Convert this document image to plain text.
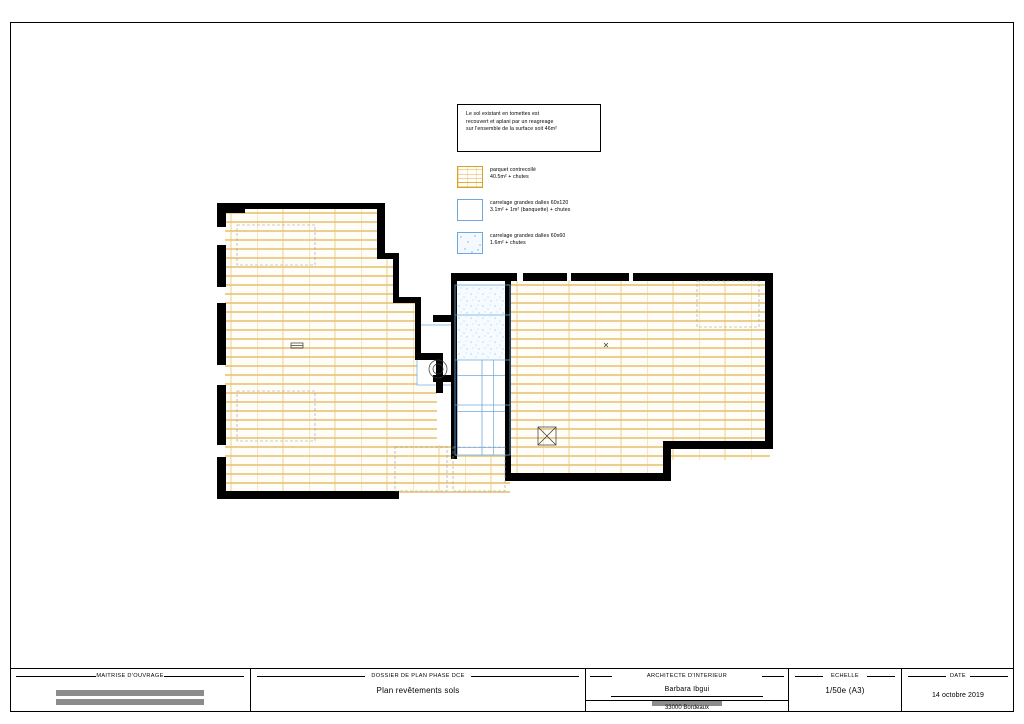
Le sol existant en tomettes est
recouvert et aplani par un reagreage
sur l'ensemble de la surface soit 46m²
parquet contrecollé
40.5m² + chutes
carrelage grandes dalles 60x120
3.1m² + 1m² (banquette) + chutes
carrelage grandes dalles 60x60
1.6m² + chutes
MAITRISE D'OUVRAGE	DOSSIER DE PLAN PHASE DCE
Plan revêtements sols
ARCHITECTE D'INTERIEUR
Barbara Ibgui
33000 Bordeaux
ECHELLE
1/50e (A3)
DATE
14 octobre 2019
